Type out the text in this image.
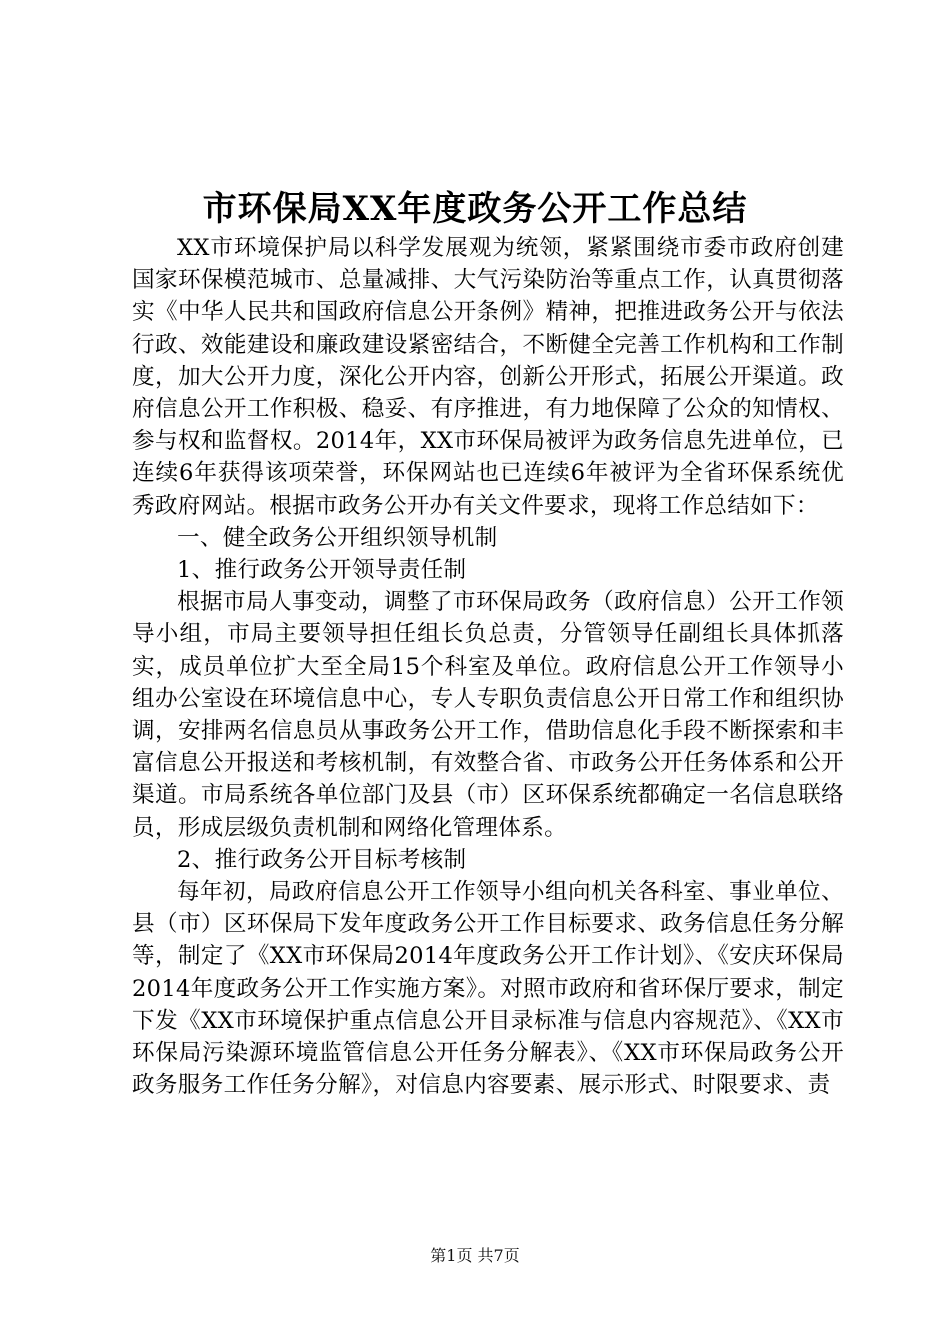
市环保局XX年度政务公开工作总结

XX市环境保护局以科学发展观为统领，紧紧围绕市委市政府创建国家环保模范城市、总量减排、大气污染防治等重点工作，认真贯彻落实《中华人民共和国政府信息公开条例》精神，把推进政务公开与依法行政、效能建设和廉政建设紧密结合，不断健全完善工作机构和工作制度，加大公开力度，深化公开内容，创新公开形式，拓展公开渠道。政府信息公开工作积极、稳妥、有序推进，有力地保障了公众的知情权、参与权和监督权。2014年，XX市环保局被评为政务信息先进单位，已连续6年获得该项荣誉，环保网站也已连续6年被评为全省环保系统优秀政府网站。根据市政务公开办有关文件要求，现将工作总结如下：

一、健全政务公开组织领导机制

1、推行政务公开领导责任制

根据市局人事变动，调整了市环保局政务（政府信息）公开工作领导小组，市局主要领导担任组长负总责，分管领导任副组长具体抓落实，成员单位扩大至全局15个科室及单位。政府信息公开工作领导小组办公室设在环境信息中心，专人专职负责信息公开日常工作和组织协调，安排两名信息员从事政务公开工作，借助信息化手段不断探索和丰富信息公开报送和考核机制，有效整合省、市政务公开任务体系和公开渠道。市局系统各单位部门及县（市）区环保系统都确定一名信息联络员，形成层级负责机制和网络化管理体系。

2、推行政务公开目标考核制

每年初，局政府信息公开工作领导小组向机关各科室、事业单位、县（市）区环保局下发年度政务公开工作目标要求、政务信息任务分解等，制定了《XX市环保局2014年度政务公开工作计划》、《安庆环保局2014年度政务公开工作实施方案》。对照市政府和省环保厅要求，制定下发《XX市环境保护重点信息公开目录标准与信息内容规范》、《XX市环保局污染源环境监管信息公开任务分解表》、《XX市环保局政务公开政务服务工作任务分解》，对信息内容要素、展示形式、时限要求、责

第1页 共7页
